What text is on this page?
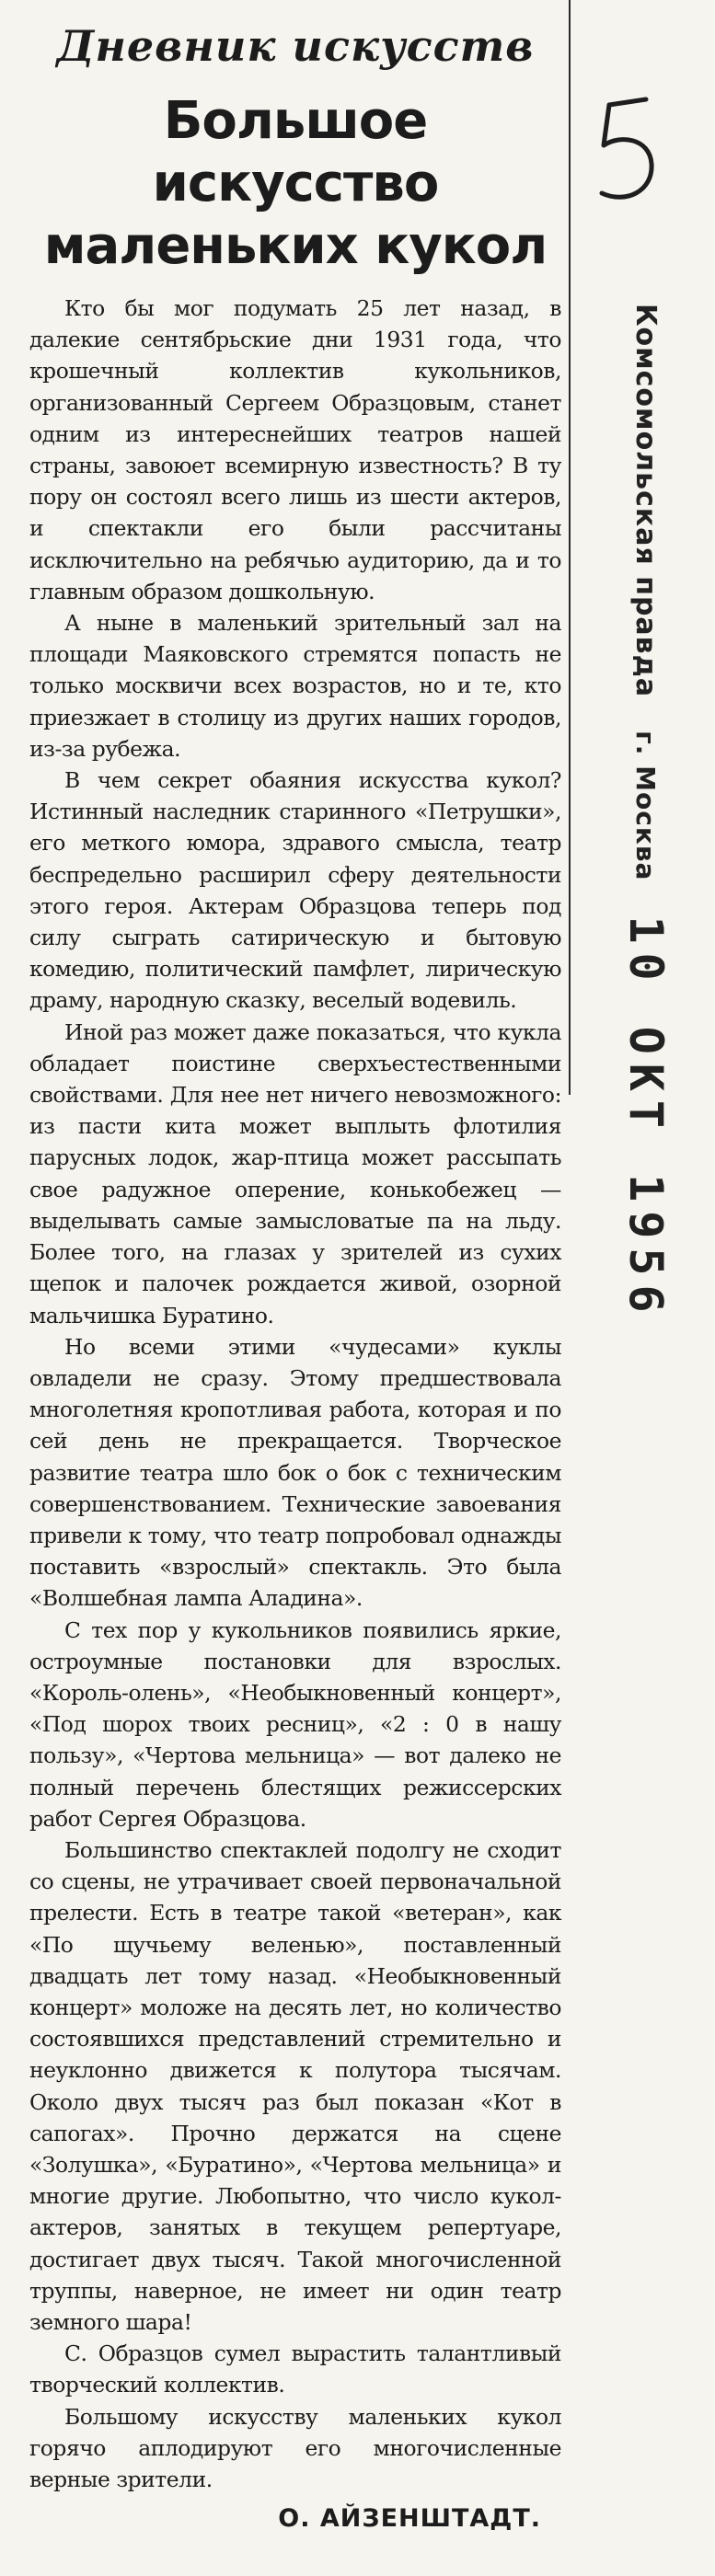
Дневник искусств
Большое искусство
маленьких кукол

Кто бы мог подумать 25 лет назад, в далекие сентябрьские дни 1931 года, что крошечный коллектив кукольников, организованный Сергеем Образцовым, станет одним из интереснейших театров нашей страны, завоюет всемирную известность? В ту пору он состоял всего лишь из шести актеров, и спектакли его были рассчитаны исключительно на ребячью аудиторию, да и то главным образом дошкольную.

А ныне в маленький зрительный зал на площади Маяковского стремятся попасть не только москвичи всех возрастов, но и те, кто приезжает в столицу из других наших городов, из-за рубежа.

В чем секрет обаяния искусства кукол? Истинный наследник старинного «Петрушки», его меткого юмора, здравого смысла, театр беспредельно расширил сферу деятельности этого героя. Актерам Образцова теперь под силу сыграть сатирическую и бытовую комедию, политический памфлет, лирическую драму, народную сказку, веселый водевиль.

Иной раз может даже показаться, что кукла обладает поистине сверхъестественными свойствами. Для нее нет ничего невозможного: из пасти кита может выплыть флотилия парусных лодок, жар-птица может рассыпать свое радужное оперение, конькобежец — выделывать самые замысловатые па на льду. Более того, на глазах у зрителей из сухих щепок и палочек рождается живой, озорной мальчишка Буратино.

Но всеми этими «чудесами» куклы овладели не сразу. Этому предшествовала многолетняя кропотливая работа, которая и по сей день не прекращается. Творческое развитие театра шло бок о бок с техническим совершенствованием. Технические завоевания привели к тому, что театр попробовал однажды поставить «взрослый» спектакль. Это была «Волшебная лампа Аладина».

С тех пор у кукольников появились яркие, остроумные постановки для взрослых. «Король-олень», «Необыкновенный концерт», «Под шорох твоих ресниц», «2 : 0 в нашу пользу», «Чертова мельница» — вот далеко не полный перечень блестящих режиссерских работ Сергея Образцова.

Большинство спектаклей подолгу не сходит со сцены, не утрачивает своей первоначальной прелести. Есть в театре такой «ветеран», как «По щучьему веленью», поставленный двадцать лет тому назад. «Необыкновенный концерт» моложе на десять лет, но количество состоявшихся представлений стремительно и неуклонно движется к полутора тысячам. Около двух тысяч раз был показан «Кот в сапогах». Прочно держатся на сцене «Золушка», «Буратино», «Чертова мельница» и многие другие. Любопытно, что число кукол-актеров, занятых в текущем репертуаре, достигает двух тысяч. Такой многочисленной труппы, наверное, не имеет ни один театр земного шара!

С. Образцов сумел вырастить талантливый творческий коллектив.

Большому искусству маленьких кукол горячо аплодируют его многочисленные верные зрители.

О. АЙЗЕНШТАДТ.
Комсомольская правда
г. Москва
10 ОКТ 1956
